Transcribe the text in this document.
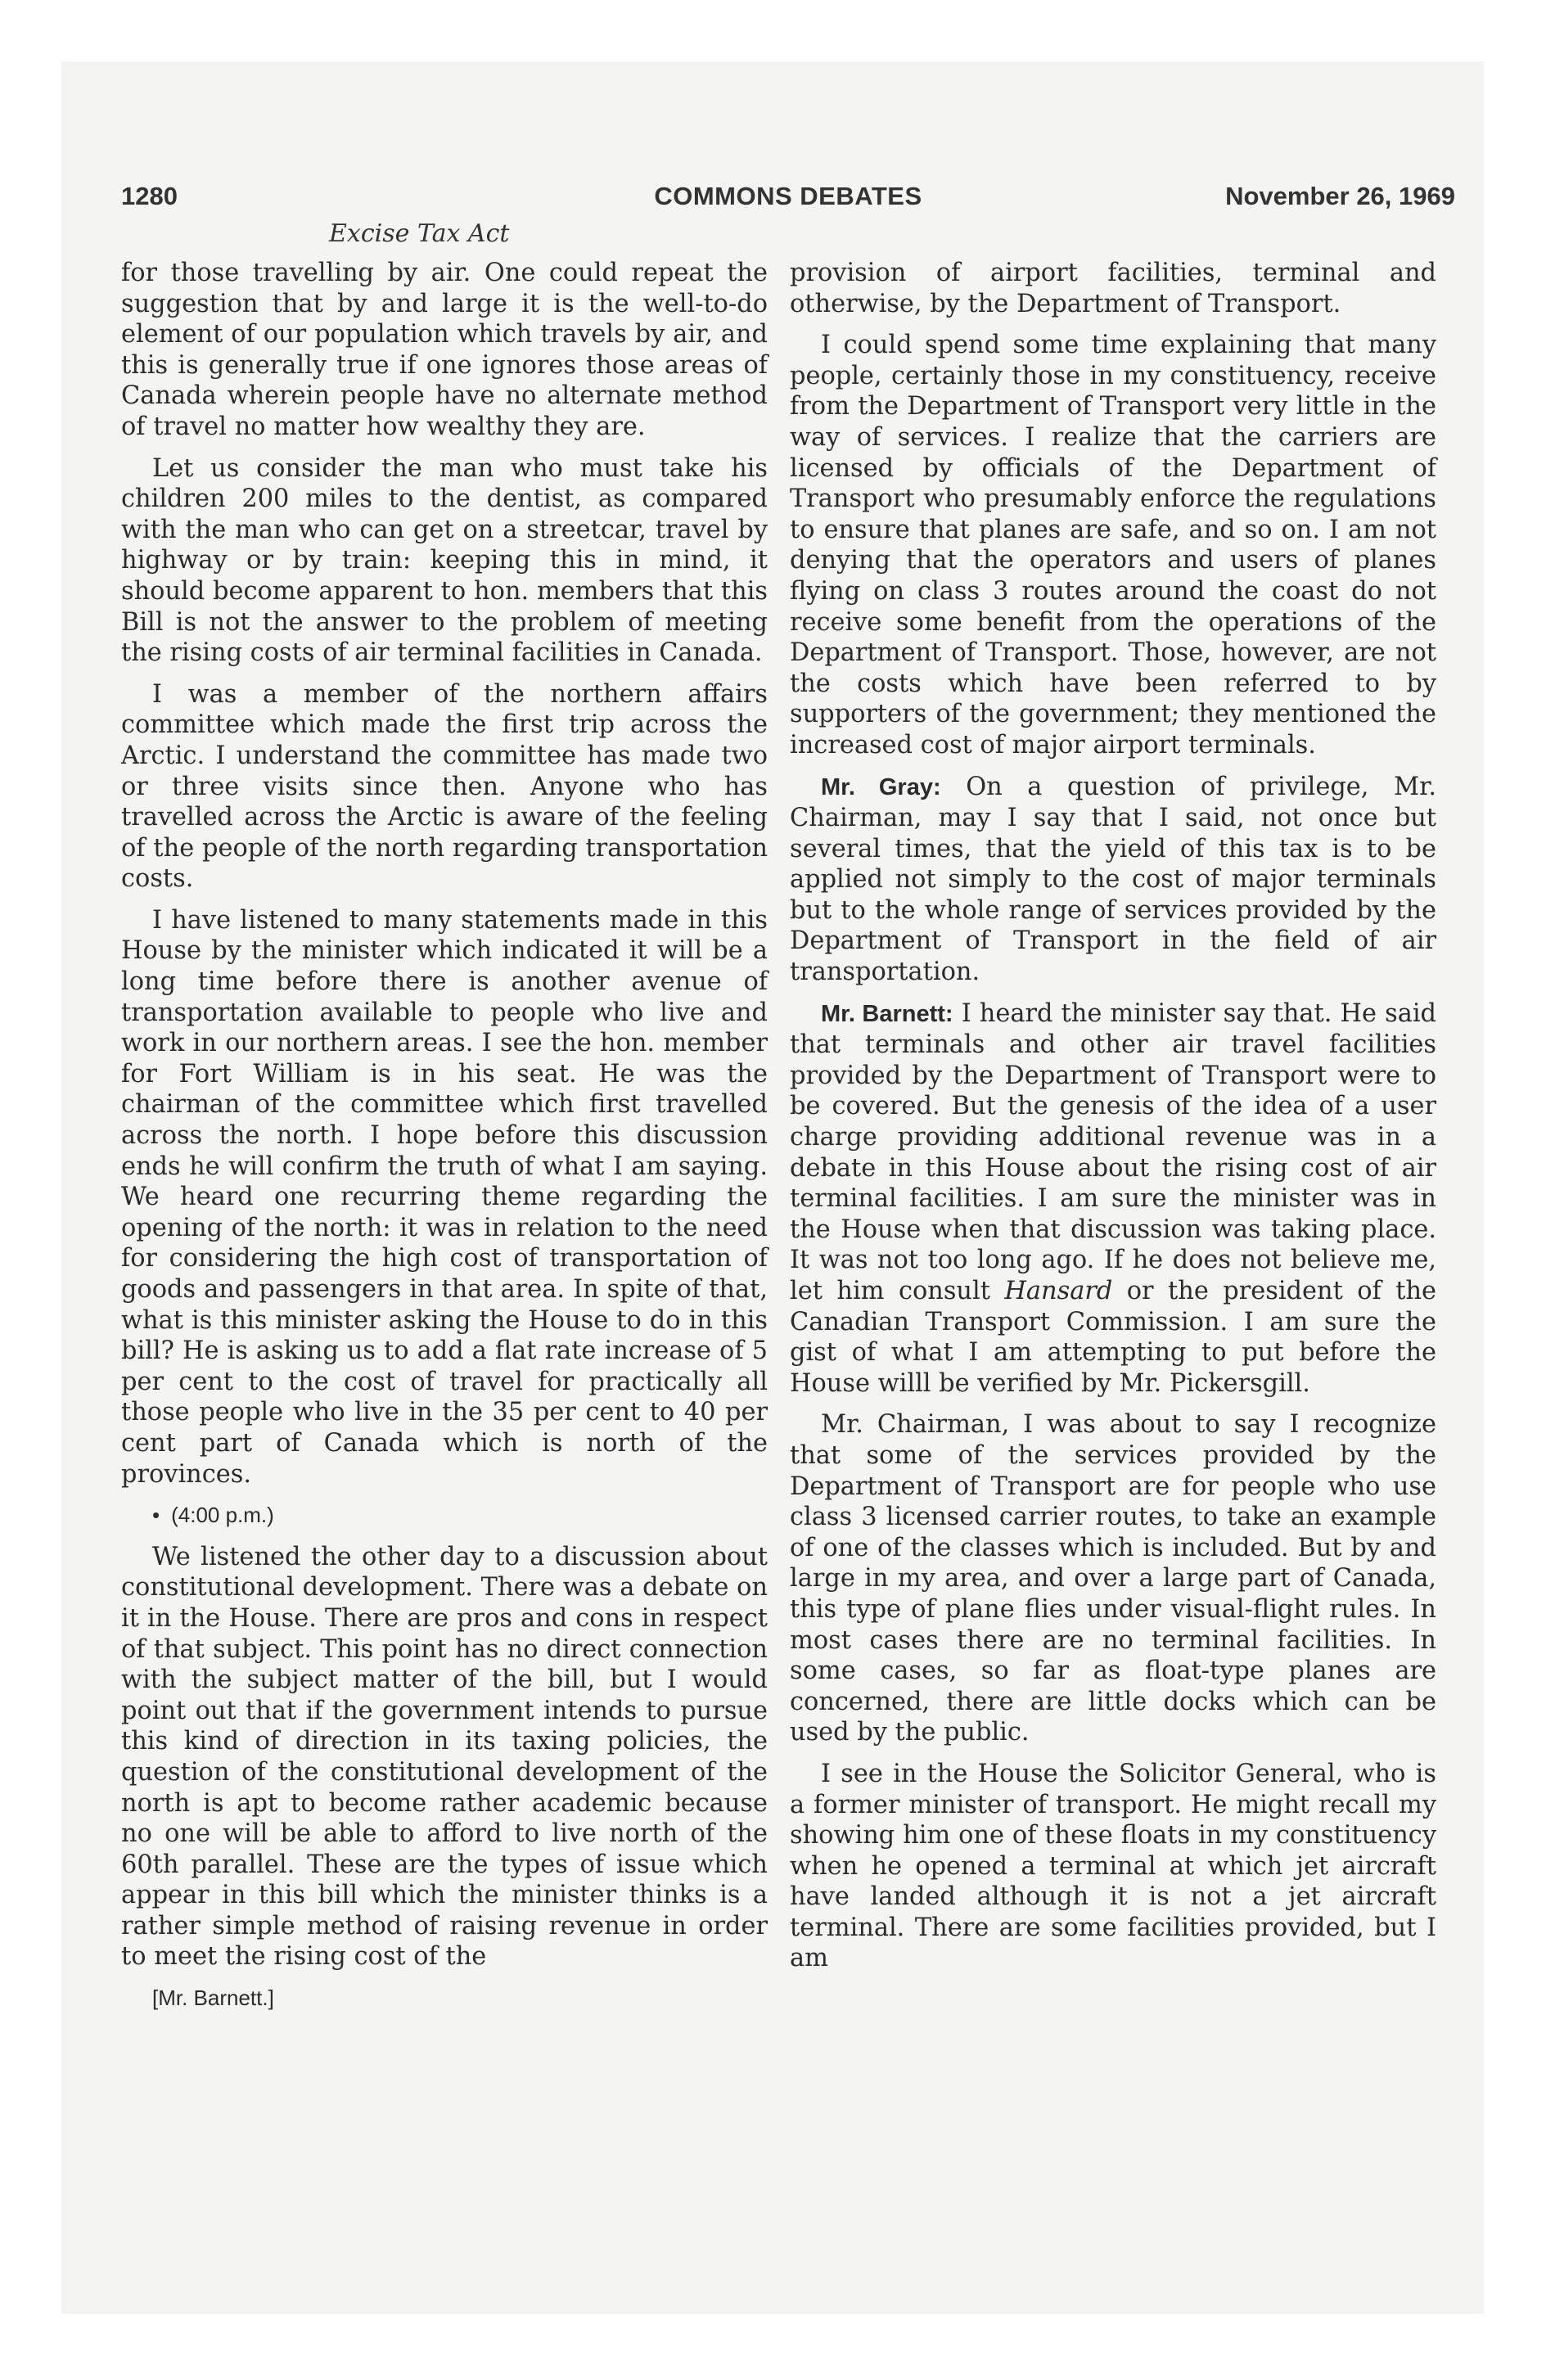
1280	COMMONS DEBATES	November 26, 1969
Excise Tax Act

for those travelling by air. One could repeat the suggestion that by and large it is the well-to-do element of our population which travels by air, and this is generally true if one ignores those areas of Canada wherein people have no alternate method of travel no matter how wealthy they are.

Let us consider the man who must take his children 200 miles to the dentist, as compared with the man who can get on a streetcar, travel by highway or by train: keeping this in mind, it should become apparent to hon. members that this Bill is not the answer to the problem of meeting the rising costs of air terminal facilities in Canada.

I was a member of the northern affairs committee which made the first trip across the Arctic. I understand the committee has made two or three visits since then. Anyone who has travelled across the Arctic is aware of the feeling of the people of the north regarding transportation costs.

I have listened to many statements made in this House by the minister which indicated it will be a long time before there is another avenue of transportation available to people who live and work in our northern areas. I see the hon. member for Fort William is in his seat. He was the chairman of the committee which first travelled across the north. I hope before this discussion ends he will confirm the truth of what I am saying. We heard one recurring theme regarding the opening of the north: it was in relation to the need for considering the high cost of transportation of goods and passengers in that area. In spite of that, what is this minister asking the House to do in this bill? He is asking us to add a flat rate increase of 5 per cent to the cost of travel for practically all those people who live in the 35 per cent to 40 per cent part of Canada which is north of the provinces.

• (4:00 p.m.)

We listened the other day to a discussion about constitutional development. There was a debate on it in the House. There are pros and cons in respect of that subject. This point has no direct connection with the subject matter of the bill, but I would point out that if the government intends to pursue this kind of direction in its taxing policies, the question of the constitutional development of the north is apt to become rather academic because no one will be able to afford to live north of the 60th parallel. These are the types of issue which appear in this bill which the minister thinks is a rather simple method of raising revenue in order to meet the rising cost of the

[Mr. Barnett.]

provision of airport facilities, terminal and otherwise, by the Department of Transport.

I could spend some time explaining that many people, certainly those in my constituency, receive from the Department of Transport very little in the way of services. I realize that the carriers are licensed by officials of the Department of Transport who presumably enforce the regulations to ensure that planes are safe, and so on. I am not denying that the operators and users of planes flying on class 3 routes around the coast do not receive some benefit from the operations of the Department of Transport. Those, however, are not the costs which have been referred to by supporters of the government; they mentioned the increased cost of major airport terminals.

Mr. Gray: On a question of privilege, Mr. Chairman, may I say that I said, not once but several times, that the yield of this tax is to be applied not simply to the cost of major terminals but to the whole range of services provided by the Department of Transport in the field of air transportation.

Mr. Barnett: I heard the minister say that. He said that terminals and other air travel facilities provided by the Department of Transport were to be covered. But the genesis of the idea of a user charge providing additional revenue was in a debate in this House about the rising cost of air terminal facilities. I am sure the minister was in the House when that discussion was taking place. It was not too long ago. If he does not believe me, let him consult Hansard or the president of the Canadian Transport Commission. I am sure the gist of what I am attempting to put before the House willl be verified by Mr. Pickersgill.

Mr. Chairman, I was about to say I recognize that some of the services provided by the Department of Transport are for people who use class 3 licensed carrier routes, to take an example of one of the classes which is included. But by and large in my area, and over a large part of Canada, this type of plane flies under visual-flight rules. In most cases there are no terminal facilities. In some cases, so far as float-type planes are concerned, there are little docks which can be used by the public.

I see in the House the Solicitor General, who is a former minister of transport. He might recall my showing him one of these floats in my constituency when he opened a terminal at which jet aircraft have landed although it is not a jet aircraft terminal. There are some facilities provided, but I am
